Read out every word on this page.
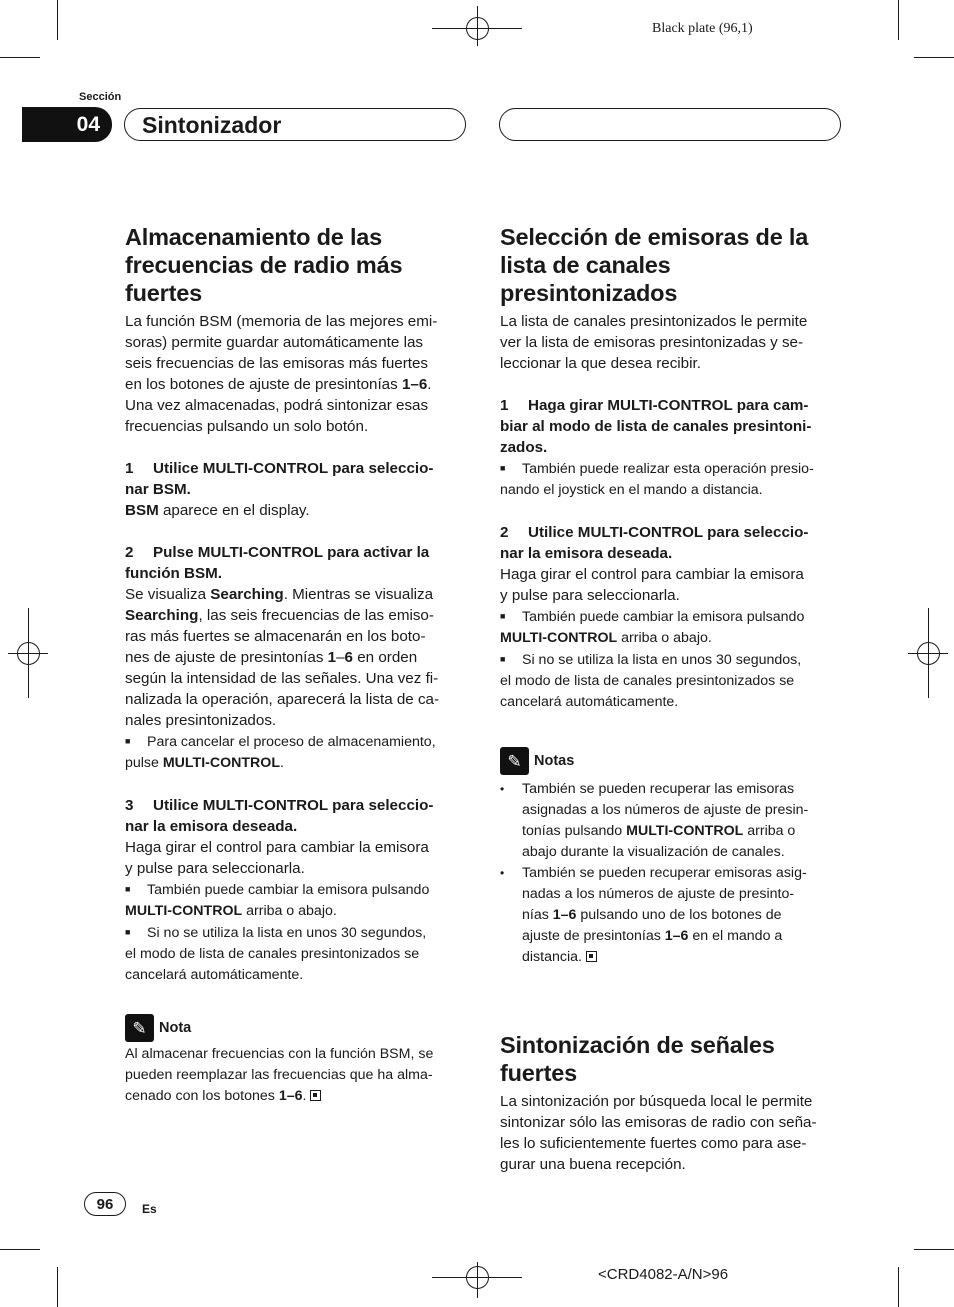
Black plate (96,1)
Sección
04	Sintonizador
Almacenamiento de las frecuencias de radio más fuertes

La función BSM (memoria de las mejores emi-

soras) permite guardar automáticamente las

seis frecuencias de las emisoras más fuertes

en los botones de ajuste de presintonías 1–6.

Una vez almacenadas, podrá sintonizar esas

frecuencias pulsando un solo botón.

1 Utilice MULTI-CONTROL para seleccio-

nar BSM.

BSM aparece en el display.

2 Pulse MULTI-CONTROL para activar la

función BSM.

Se visualiza Searching. Mientras se visualiza

Searching, las seis frecuencias de las emiso-

ras más fuertes se almacenarán en los boto-

nes de ajuste de presintonías 1–6 en orden

según la intensidad de las señales. Una vez fi-

nalizada la operación, aparecerá la lista de ca-

nales presintonizados.

■ Para cancelar el proceso de almacenamiento,

pulse MULTI-CONTROL.

3 Utilice MULTI-CONTROL para seleccio-

nar la emisora deseada.

Haga girar el control para cambiar la emisora

y pulse para seleccionarla.

■ También puede cambiar la emisora pulsando

MULTI-CONTROL arriba o abajo.

■ Si no se utiliza la lista en unos 30 segundos,

el modo de lista de canales presintonizados se

cancelará automáticamente.

✎ Nota

Al almacenar frecuencias con la función BSM, se

pueden reemplazar las frecuencias que ha alma-

cenado con los botones 1–6.

Selección de emisoras de la lista de canales presintonizados

La lista de canales presintonizados le permite

ver la lista de emisoras presintonizadas y se-

leccionar la que desea recibir.

1 Haga girar MULTI-CONTROL para cam-

biar al modo de lista de canales presintoni-

zados.

■ También puede realizar esta operación presio-

nando el joystick en el mando a distancia.

2 Utilice MULTI-CONTROL para seleccio-

nar la emisora deseada.

Haga girar el control para cambiar la emisora

y pulse para seleccionarla.

■ También puede cambiar la emisora pulsando

MULTI-CONTROL arriba o abajo.

■ Si no se utiliza la lista en unos 30 segundos,

el modo de lista de canales presintonizados se

cancelará automáticamente.

✎ Notas
•	También se pueden recuperar las emisoras
asignadas a los números de ajuste de presin-
tonías pulsando MULTI-CONTROL arriba o
abajo durante la visualización de canales.
•	También se pueden recuperar emisoras asig-
nadas a los números de ajuste de presinto-
nías 1–6 pulsando uno de los botones de
ajuste de presintonías 1–6 en el mando a
distancia.
Sintonización de señales fuertes

La sintonización por búsqueda local le permite

sintonizar sólo las emisoras de radio con seña-

les lo suficientemente fuertes como para ase-

gurar una buena recepción.

96	Es
<CRD4082-A/N>96
